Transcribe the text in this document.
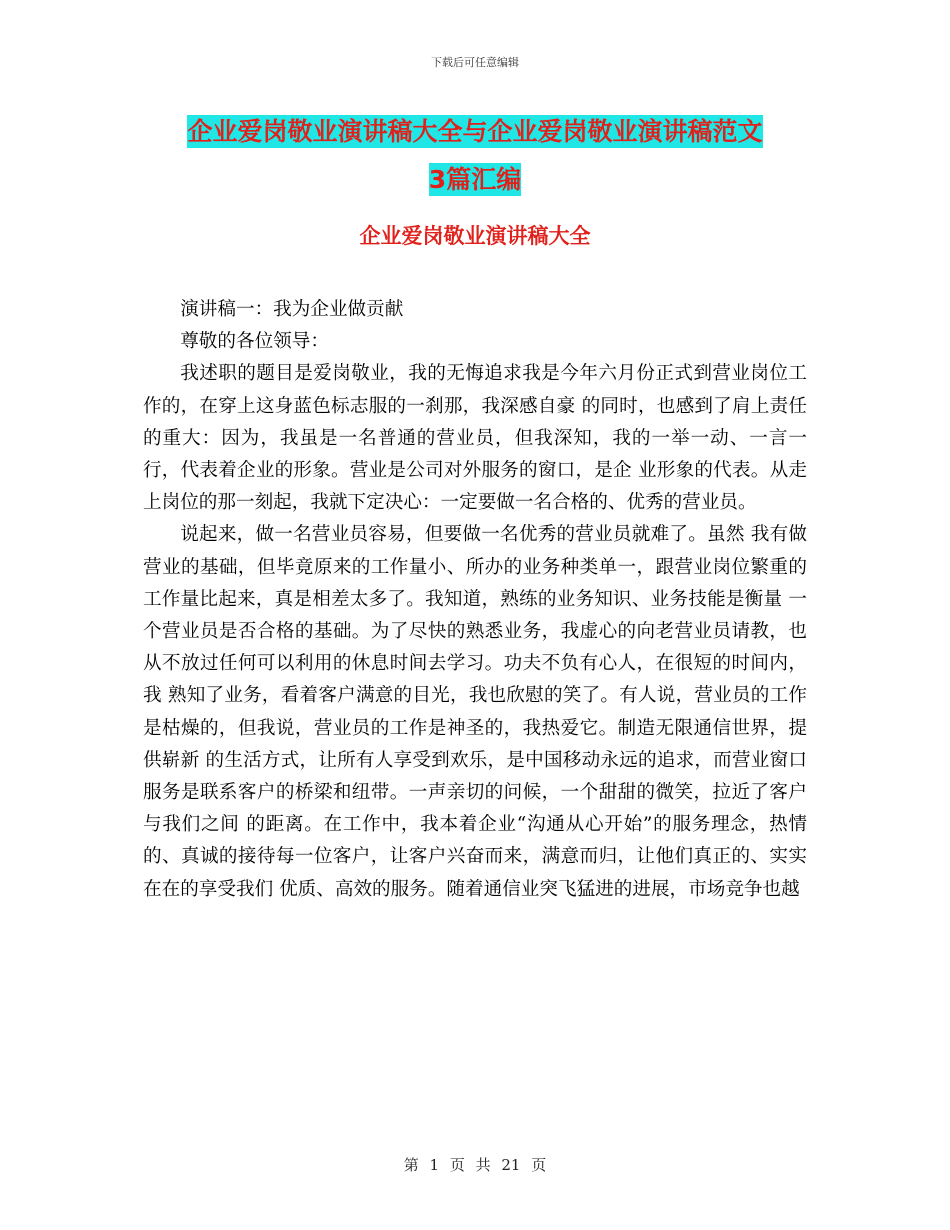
下载后可任意编辑
企业爱岗敬业演讲稿大全与企业爱岗敬业演讲稿范文
3篇汇编
企业爱岗敬业演讲稿大全

演讲稿一：我为企业做贡献

尊敬的各位领导：

我述职的题目是爱岗敬业，我的无悔追求我是今年六月份正式到营业岗位工作的，在穿上这身蓝色标志服的一刹那，我深感自豪 的同时，也感到了肩上责任的重大：因为，我虽是一名普通的营业员，但我深知，我的一举一动、一言一行，代表着企业的形象。营业是公司对外服务的窗口，是企 业形象的代表。从走上岗位的那一刻起，我就下定决心：一定要做一名合格的、优秀的营业员。

说起来，做一名营业员容易，但要做一名优秀的营业员就难了。虽然 我有做营业的基础，但毕竟原来的工作量小、所办的业务种类单一，跟营业岗位繁重的工作量比起来，真是相差太多了。我知道，熟练的业务知识、业务技能是衡量 一个营业员是否合格的基础。为了尽快的熟悉业务，我虚心的向老营业员请教，也从不放过任何可以利用的休息时间去学习。功夫不负有心人，在很短的时间内，我 熟知了业务，看着客户满意的目光，我也欣慰的笑了。有人说，营业员的工作是枯燥的，但我说，营业员的工作是神圣的，我热爱它。制造无限通信世界，提供崭新 的生活方式，让所有人享受到欢乐，是中国移动永远的追求，而营业窗口服务是联系客户的桥梁和纽带。一声亲切的问候，一个甜甜的微笑，拉近了客户与我们之间 的距离。在工作中，我本着企业“沟通从心开始”的服务理念，热情的、真诚的接待每一位客户，让客户兴奋而来，满意而归，让他们真正的、实实在在的享受我们 优质、高效的服务。随着通信业突飞猛进的进展，市场竞争也越

第 1 页 共 21 页
